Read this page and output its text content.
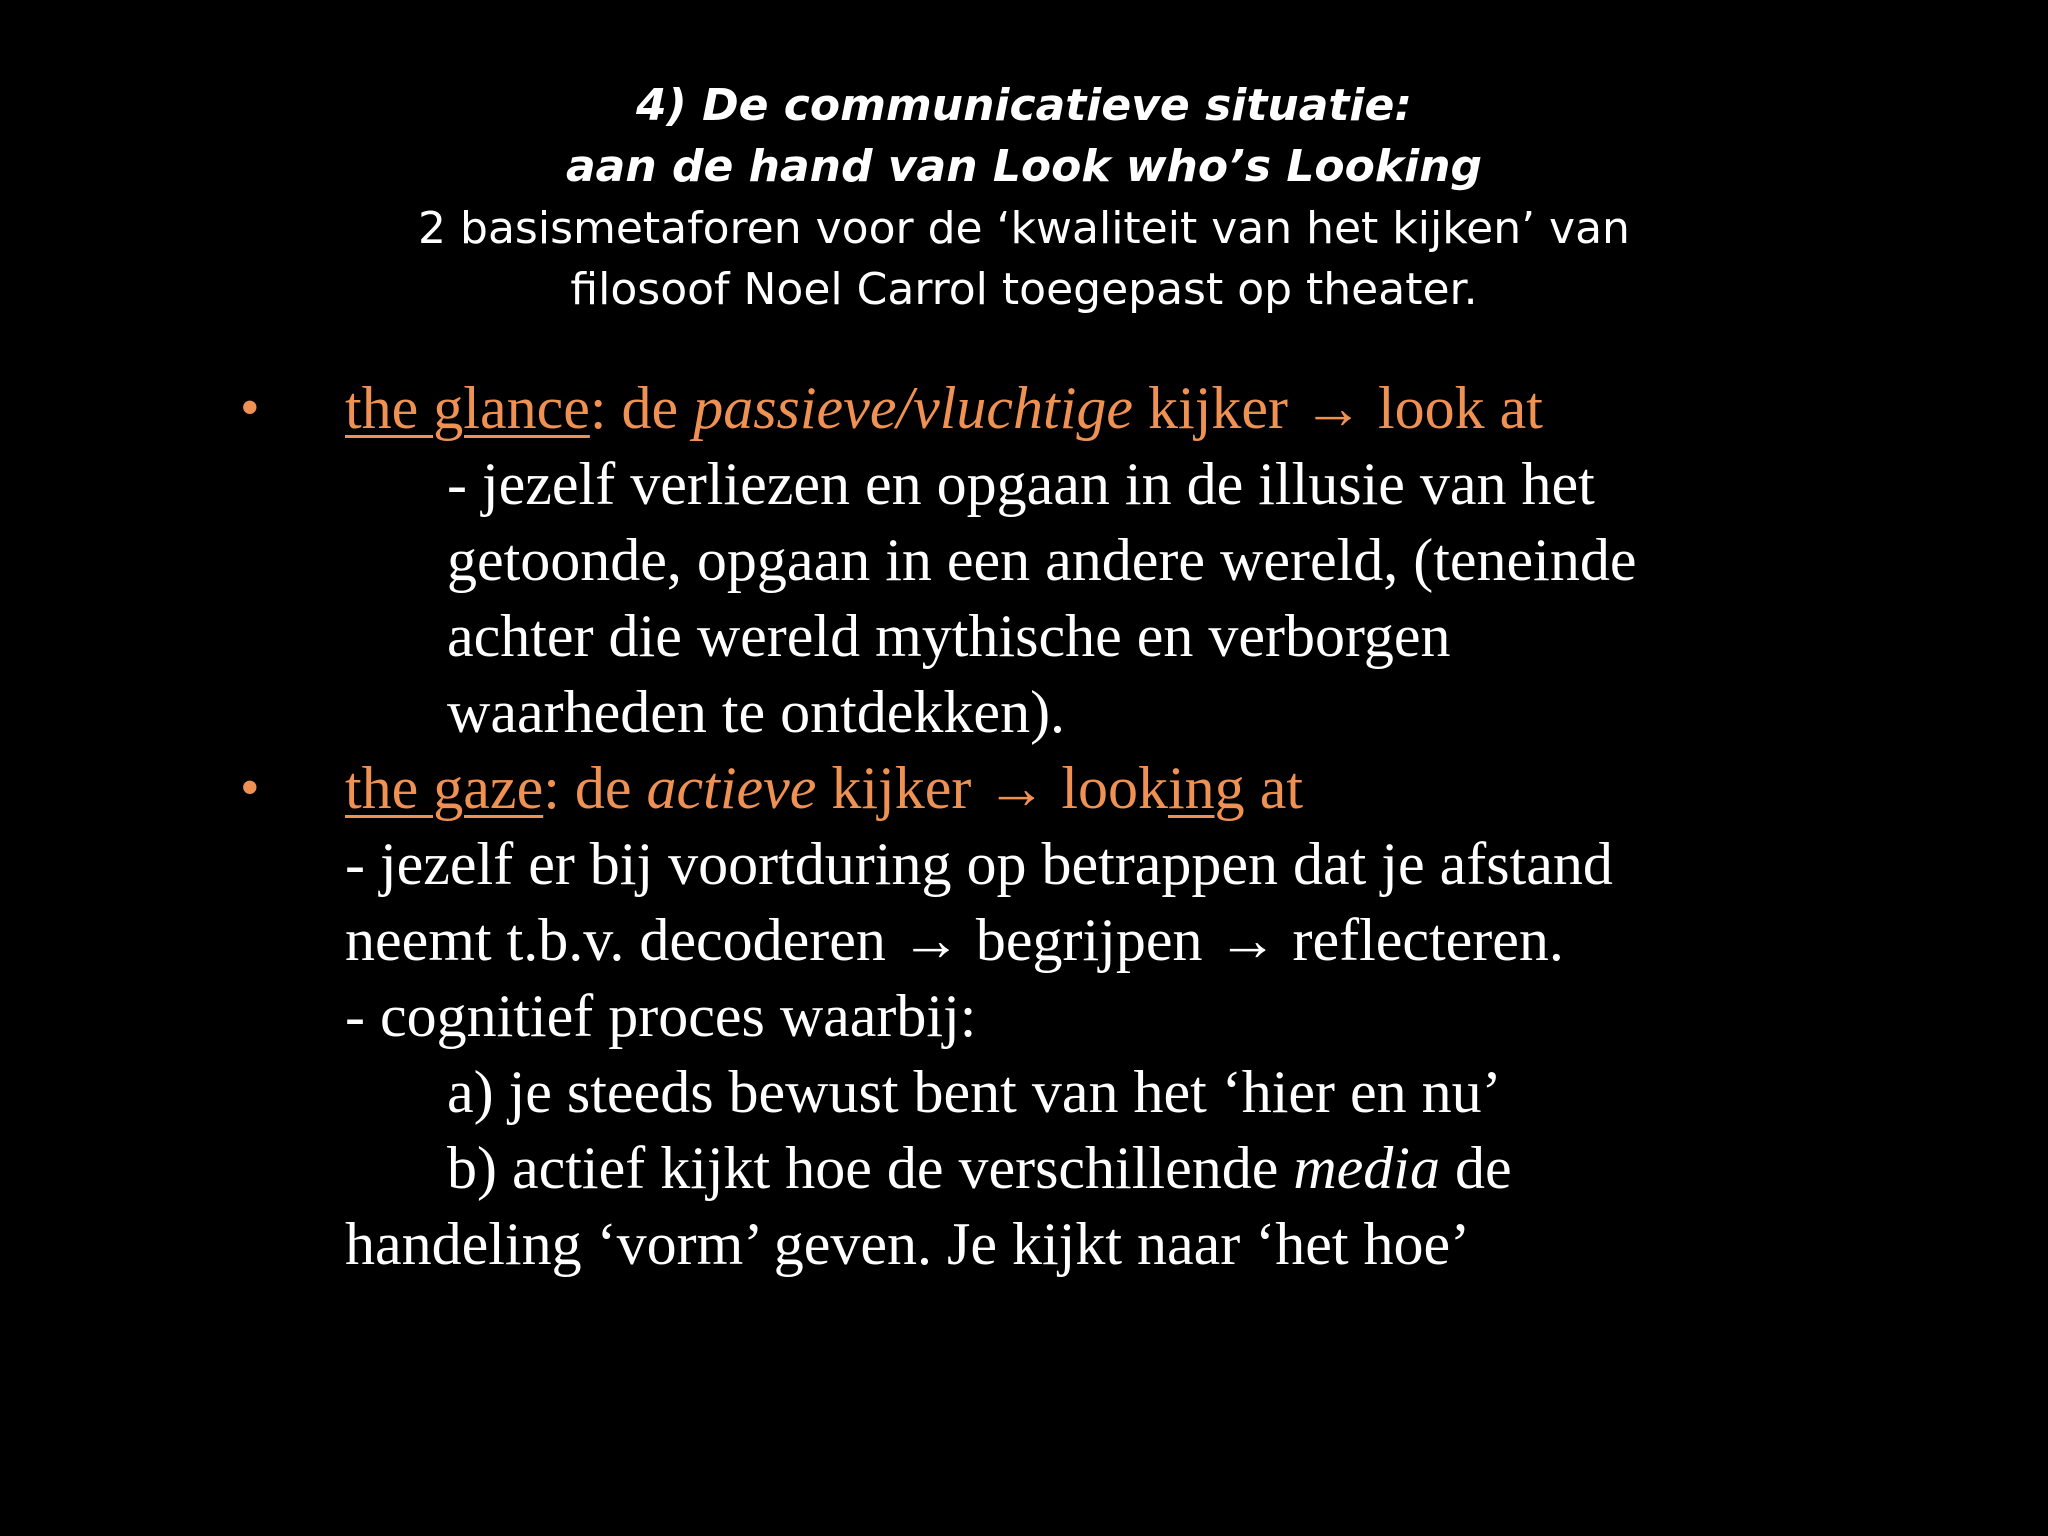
4) De communicatieve situatie:
aan de hand van Look who’s Looking
2 basismetaforen voor de ‘kwaliteit van het kijken’ van
filosoof Noel Carrol toegepast op theater.
• the glance: de passieve/vluchtige kijker → look at
- jezelf verliezen en opgaan in de illusie van het
getoonde, opgaan in een andere wereld, (teneinde
achter die wereld mythische en verborgen
waarheden te ontdekken).
• the gaze: de actieve kijker → looking at
- jezelf er bij voortduring op betrappen dat je afstand
neemt t.b.v. decoderen → begrijpen → reflecteren.
- cognitief proces waarbij:
a) je steeds bewust bent van het ‘hier en nu’
b) actief kijkt hoe de verschillende media de
handeling ‘vorm’ geven. Je kijkt naar ‘het hoe’
